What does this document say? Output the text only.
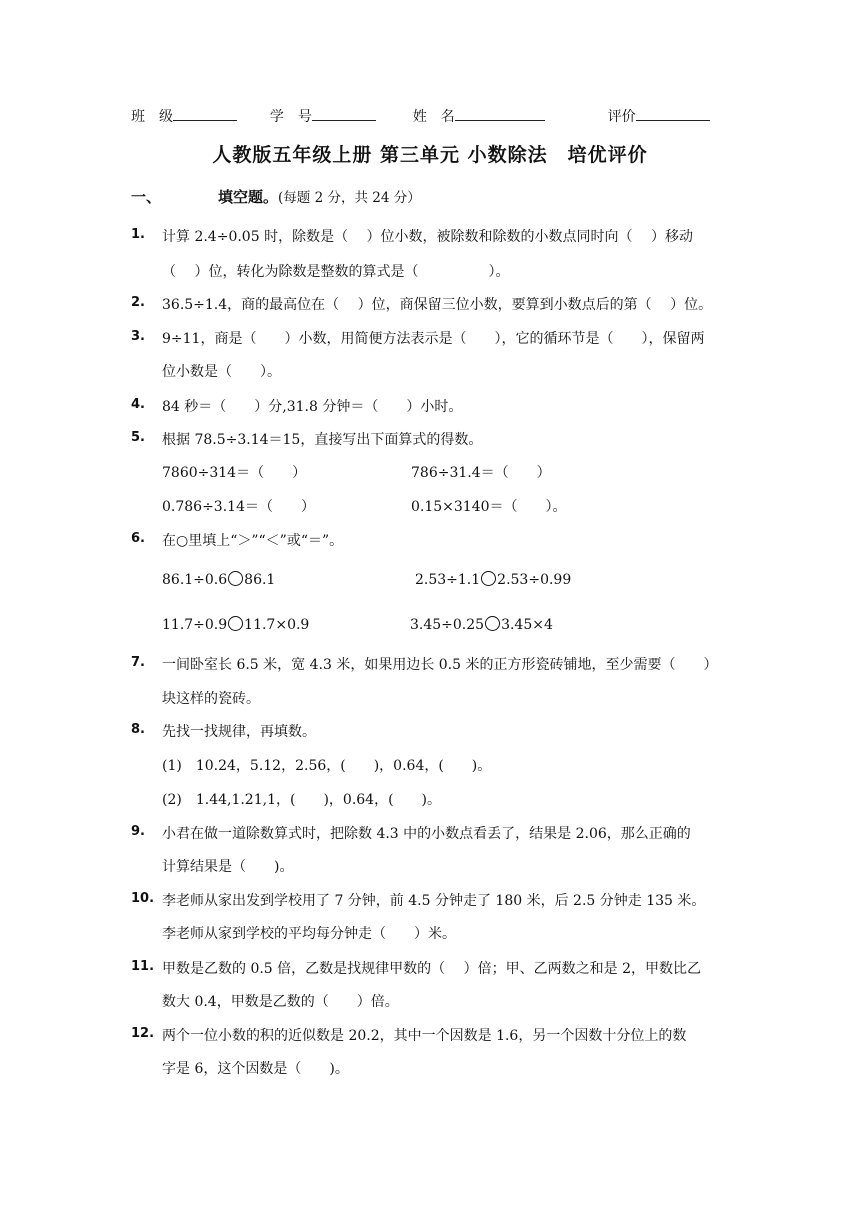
班　级	学　号	姓　名	评价
人教版五年级上册 第三单元 小数除法　培优评价
一、	填空题。(每题 2 分，共 24 分）
1. 计算 2.4÷0.05 时，除数是（　 ）位小数，被除数和除数的小数点同时向（　 ）移动
（　 ）位，转化为除数是整数的算式是（　　　　　）。
2. 36.5÷1.4，商的最高位在（　 ）位，商保留三位小数，要算到小数点后的第（　 ）位。
3. 9÷11，商是（　　）小数，用简便方法表示是（　　），它的循环节是（　　），保留两
位小数是（　　）。
4. 84 秒＝（　　）分,31.8 分钟＝（　　）小时。
5. 根据 78.5÷3.14＝15，直接写出下面算式的得数。
7860÷314＝（　　）	786÷31.4＝（　　）
0.786÷3.14＝（　　）	0.15×3140＝（　　）。
6. 在○里填上“＞”“＜”或“＝”。
86.1÷0.6 86.1	2.53÷1.1 2.53÷0.99
11.7÷0.9 11.7×0.9	3.45÷0.25 3.45×4
7. 一间卧室长 6.5 米，宽 4.3 米，如果用边长 0.5 米的正方形瓷砖铺地，至少需要（　　）
块这样的瓷砖。
8. 先找一找规律，再填数。
(1)　10.24，5.12，2.56，(　　)，0.64，(　　)。
(2)　1.44,1.21,1，(　　)，0.64，(　　)。
9. 小君在做一道除数算式时，把除数 4.3 中的小数点看丢了，结果是 2.06，那么正确的
计算结果是（　　)。
10. 李老师从家出发到学校用了 7 分钟，前 4.5 分钟走了 180 米，后 2.5 分钟走 135 米。
李老师从家到学校的平均每分钟走（　　）米。
11. 甲数是乙数的 0.5 倍，乙数是找规律甲数的（　 ）倍；甲、乙两数之和是 2，甲数比乙
数大 0.4，甲数是乙数的（　　）倍。
12. 两个一位小数的积的近似数是 20.2，其中一个因数是 1.6，另一个因数十分位上的数
字是 6，这个因数是（　　)。
